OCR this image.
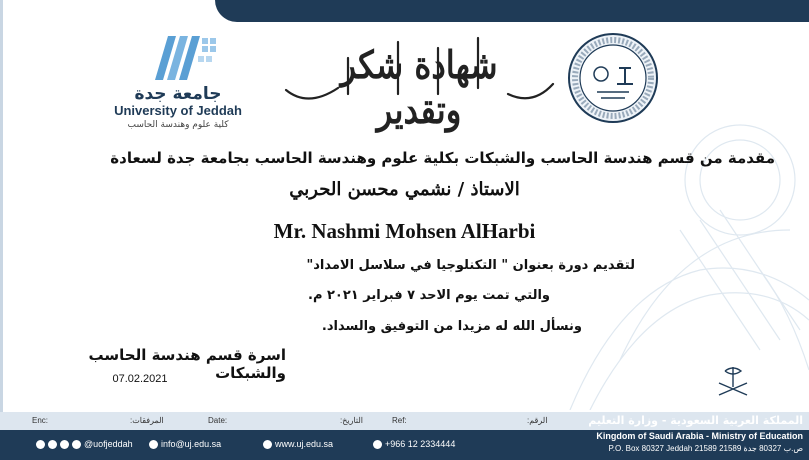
جامعة جدة
University of Jeddah
كلية علوم وهندسة الحاسب
شهادة شكر وتقدير
مقدمة من قسم هندسة الحاسب والشبكات بكلية علوم وهندسة الحاسب بجامعة جدة لسعادة
الاستاذ / نشمي محسن الحربي
Mr. Nashmi Mohsen AlHarbi
لتقديم دورة بعنوان " التكنلوجيا في سلاسل الامداد"
والتي تمت يوم الاحد ٧ فبراير ٢٠٢١ م.
ونسأل الله له مزيدا من التوفيق والسداد.
اسرة قسم هندسة الحاسب والشبكات
07.02.2021
Enc:	المرفقات:	Date:	التاريخ:	Ref:	الرقم:
@uofjeddah	info@uj.edu.sa	www.uj.edu.sa	+966 12 2334444
المملكة العربية السعودية - وزارة التعليم
Kingdom of Saudi Arabia - Ministry of Education
P.O. Box 80327 Jeddah 21589 ص.ب 80327 جدة 21589
